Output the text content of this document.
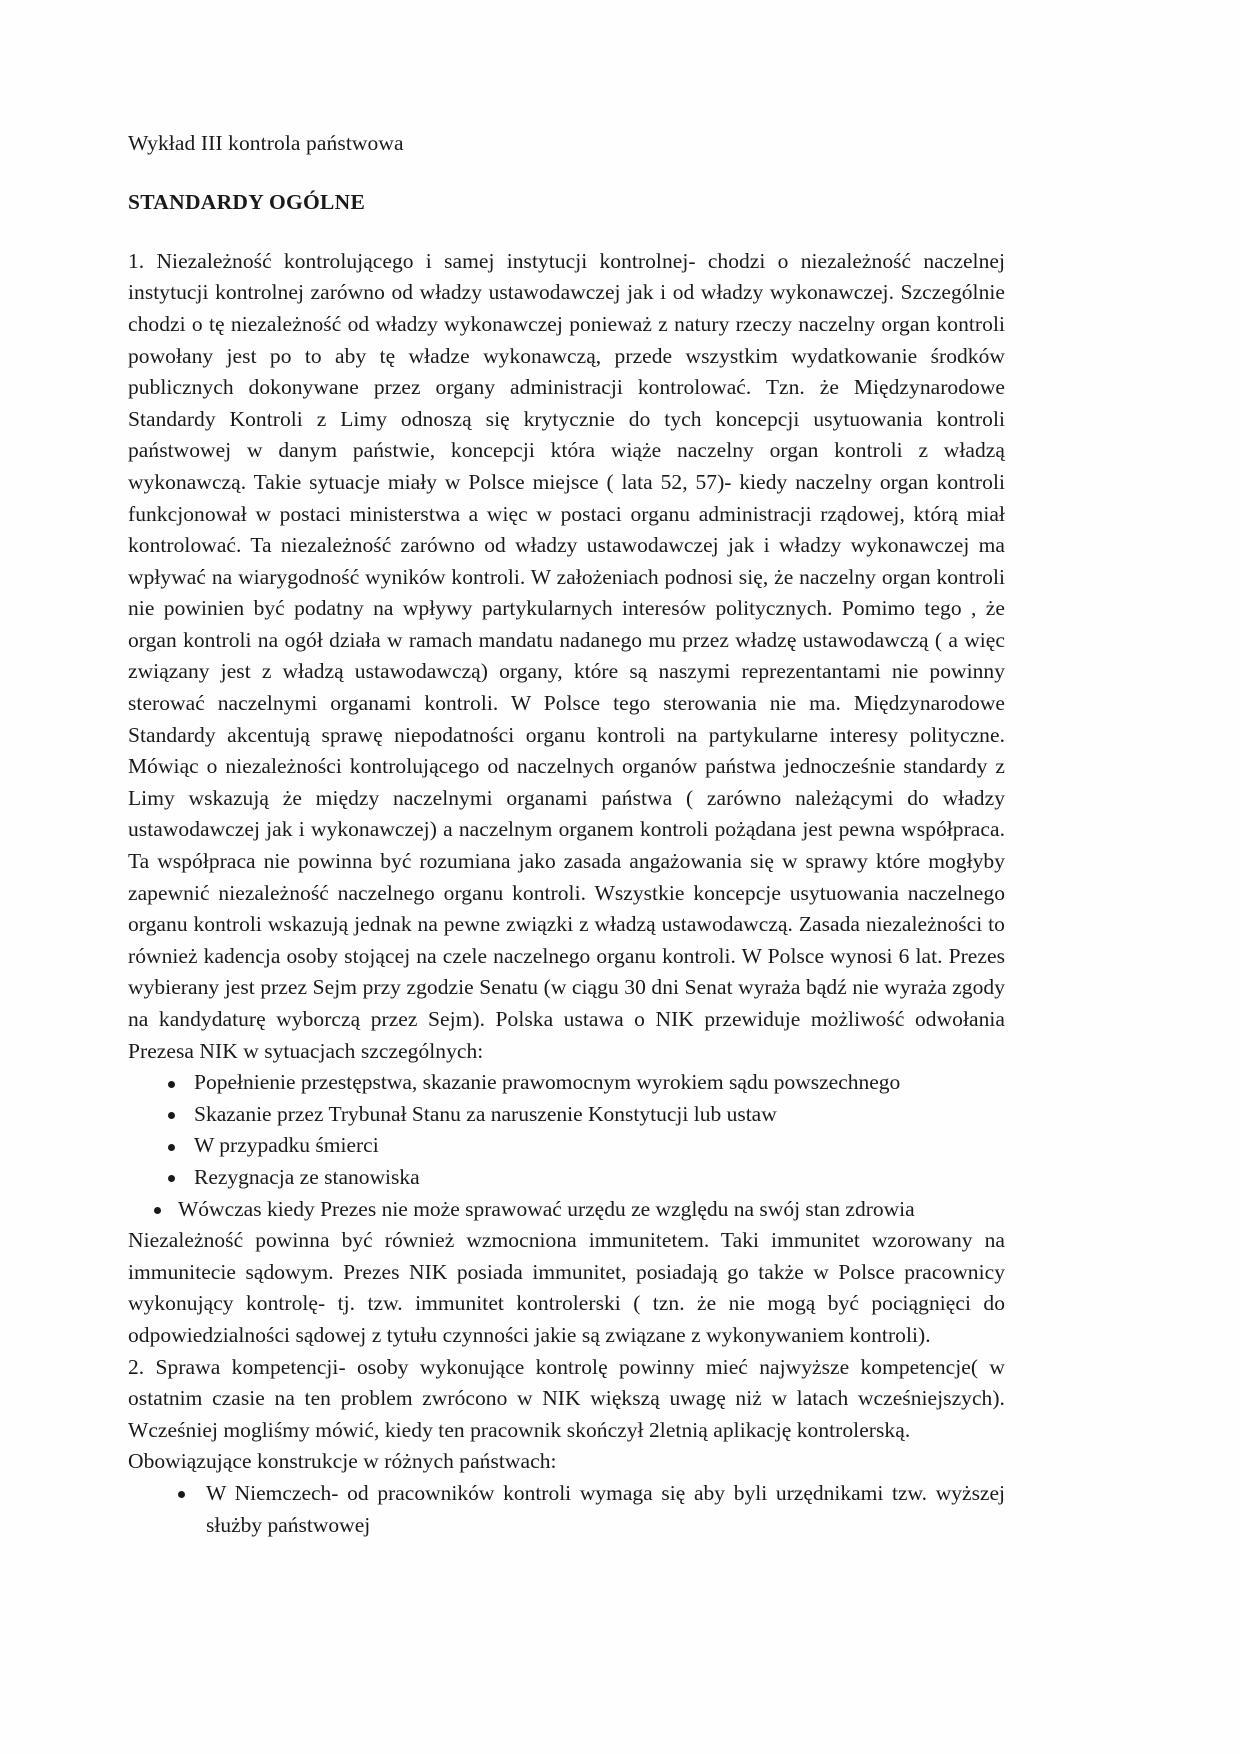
Wykład III kontrola państwowa

STANDARDY OGÓLNE

1. Niezależność kontrolującego i samej instytucji kontrolnej- chodzi o niezależność naczelnej instytucji kontrolnej zarówno od władzy ustawodawczej jak i od władzy wykonawczej. Szczególnie chodzi o tę niezależność od władzy wykonawczej ponieważ z natury rzeczy naczelny organ kontroli powołany jest po to aby tę władze wykonawczą, przede wszystkim wydatkowanie środków publicznych dokonywane przez organy administracji kontrolować. Tzn. że Międzynarodowe Standardy Kontroli z Limy odnoszą się krytycznie do tych koncepcji usytuowania kontroli państwowej w danym państwie, koncepcji która wiąże naczelny organ kontroli z władzą wykonawczą. Takie sytuacje miały w Polsce miejsce ( lata 52, 57)- kiedy naczelny organ kontroli funkcjonował w postaci ministerstwa a więc w postaci organu administracji rządowej, którą miał kontrolować. Ta niezależność zarówno od władzy ustawodawczej jak i władzy wykonawczej ma wpływać na wiarygodność wyników kontroli. W założeniach podnosi się, że naczelny organ kontroli nie powinien być podatny na wpływy partykularnych interesów politycznych. Pomimo tego , że organ kontroli na ogół działa w ramach mandatu nadanego mu przez władzę ustawodawczą ( a więc związany jest z władzą ustawodawczą) organy, które są naszymi reprezentantami nie powinny sterować naczelnymi organami kontroli. W Polsce tego sterowania nie ma. Międzynarodowe Standardy akcentują sprawę niepodatności organu kontroli na partykularne interesy polityczne. Mówiąc o niezależności kontrolującego od naczelnych organów państwa jednocześnie standardy z Limy wskazują że między naczelnymi organami państwa ( zarówno należącymi do władzy ustawodawczej jak i wykonawczej) a naczelnym organem kontroli pożądana jest pewna współpraca. Ta współpraca nie powinna być rozumiana jako zasada angażowania się w sprawy które mogłyby zapewnić niezależność naczelnego organu kontroli. Wszystkie koncepcje usytuowania naczelnego organu kontroli wskazują jednak na pewne związki z władzą ustawodawczą. Zasada niezależności to również kadencja osoby stojącej na czele naczelnego organu kontroli. W Polsce wynosi 6 lat. Prezes wybierany jest przez Sejm przy zgodzie Senatu (w ciągu 30 dni Senat wyraża bądź nie wyraża zgody na kandydaturę wyborczą przez Sejm). Polska ustawa o NIK przewiduje możliwość odwołania Prezesa NIK w sytuacjach szczególnych:

Popełnienie przestępstwa, skazanie prawomocnym wyrokiem sądu powszechnego
Skazanie przez Trybunał Stanu za naruszenie Konstytucji lub ustaw
W przypadku śmierci
Rezygnacja ze stanowiska
Wówczas kiedy Prezes nie może sprawować urzędu ze względu na swój stan zdrowia

Niezależność powinna być również wzmocniona immunitetem. Taki immunitet wzorowany na immunitecie sądowym. Prezes NIK posiada immunitet, posiadają go także w Polsce pracownicy wykonujący kontrolę- tj. tzw. immunitet kontrolerski ( tzn. że nie mogą być pociągnięci do odpowiedzialności sądowej z tytułu czynności jakie są związane z wykonywaniem kontroli).

2. Sprawa kompetencji- osoby wykonujące kontrolę powinny mieć najwyższe kompetencje( w ostatnim czasie na ten problem zwrócono w NIK większą uwagę niż w latach wcześniejszych). Wcześniej mogliśmy mówić, kiedy ten pracownik skończył 2letnią aplikację kontrolerską.

Obowiązujące konstrukcje w różnych państwach:

W Niemczech- od pracowników kontroli wymaga się aby byli urzędnikami tzw. wyższej służby państwowej
